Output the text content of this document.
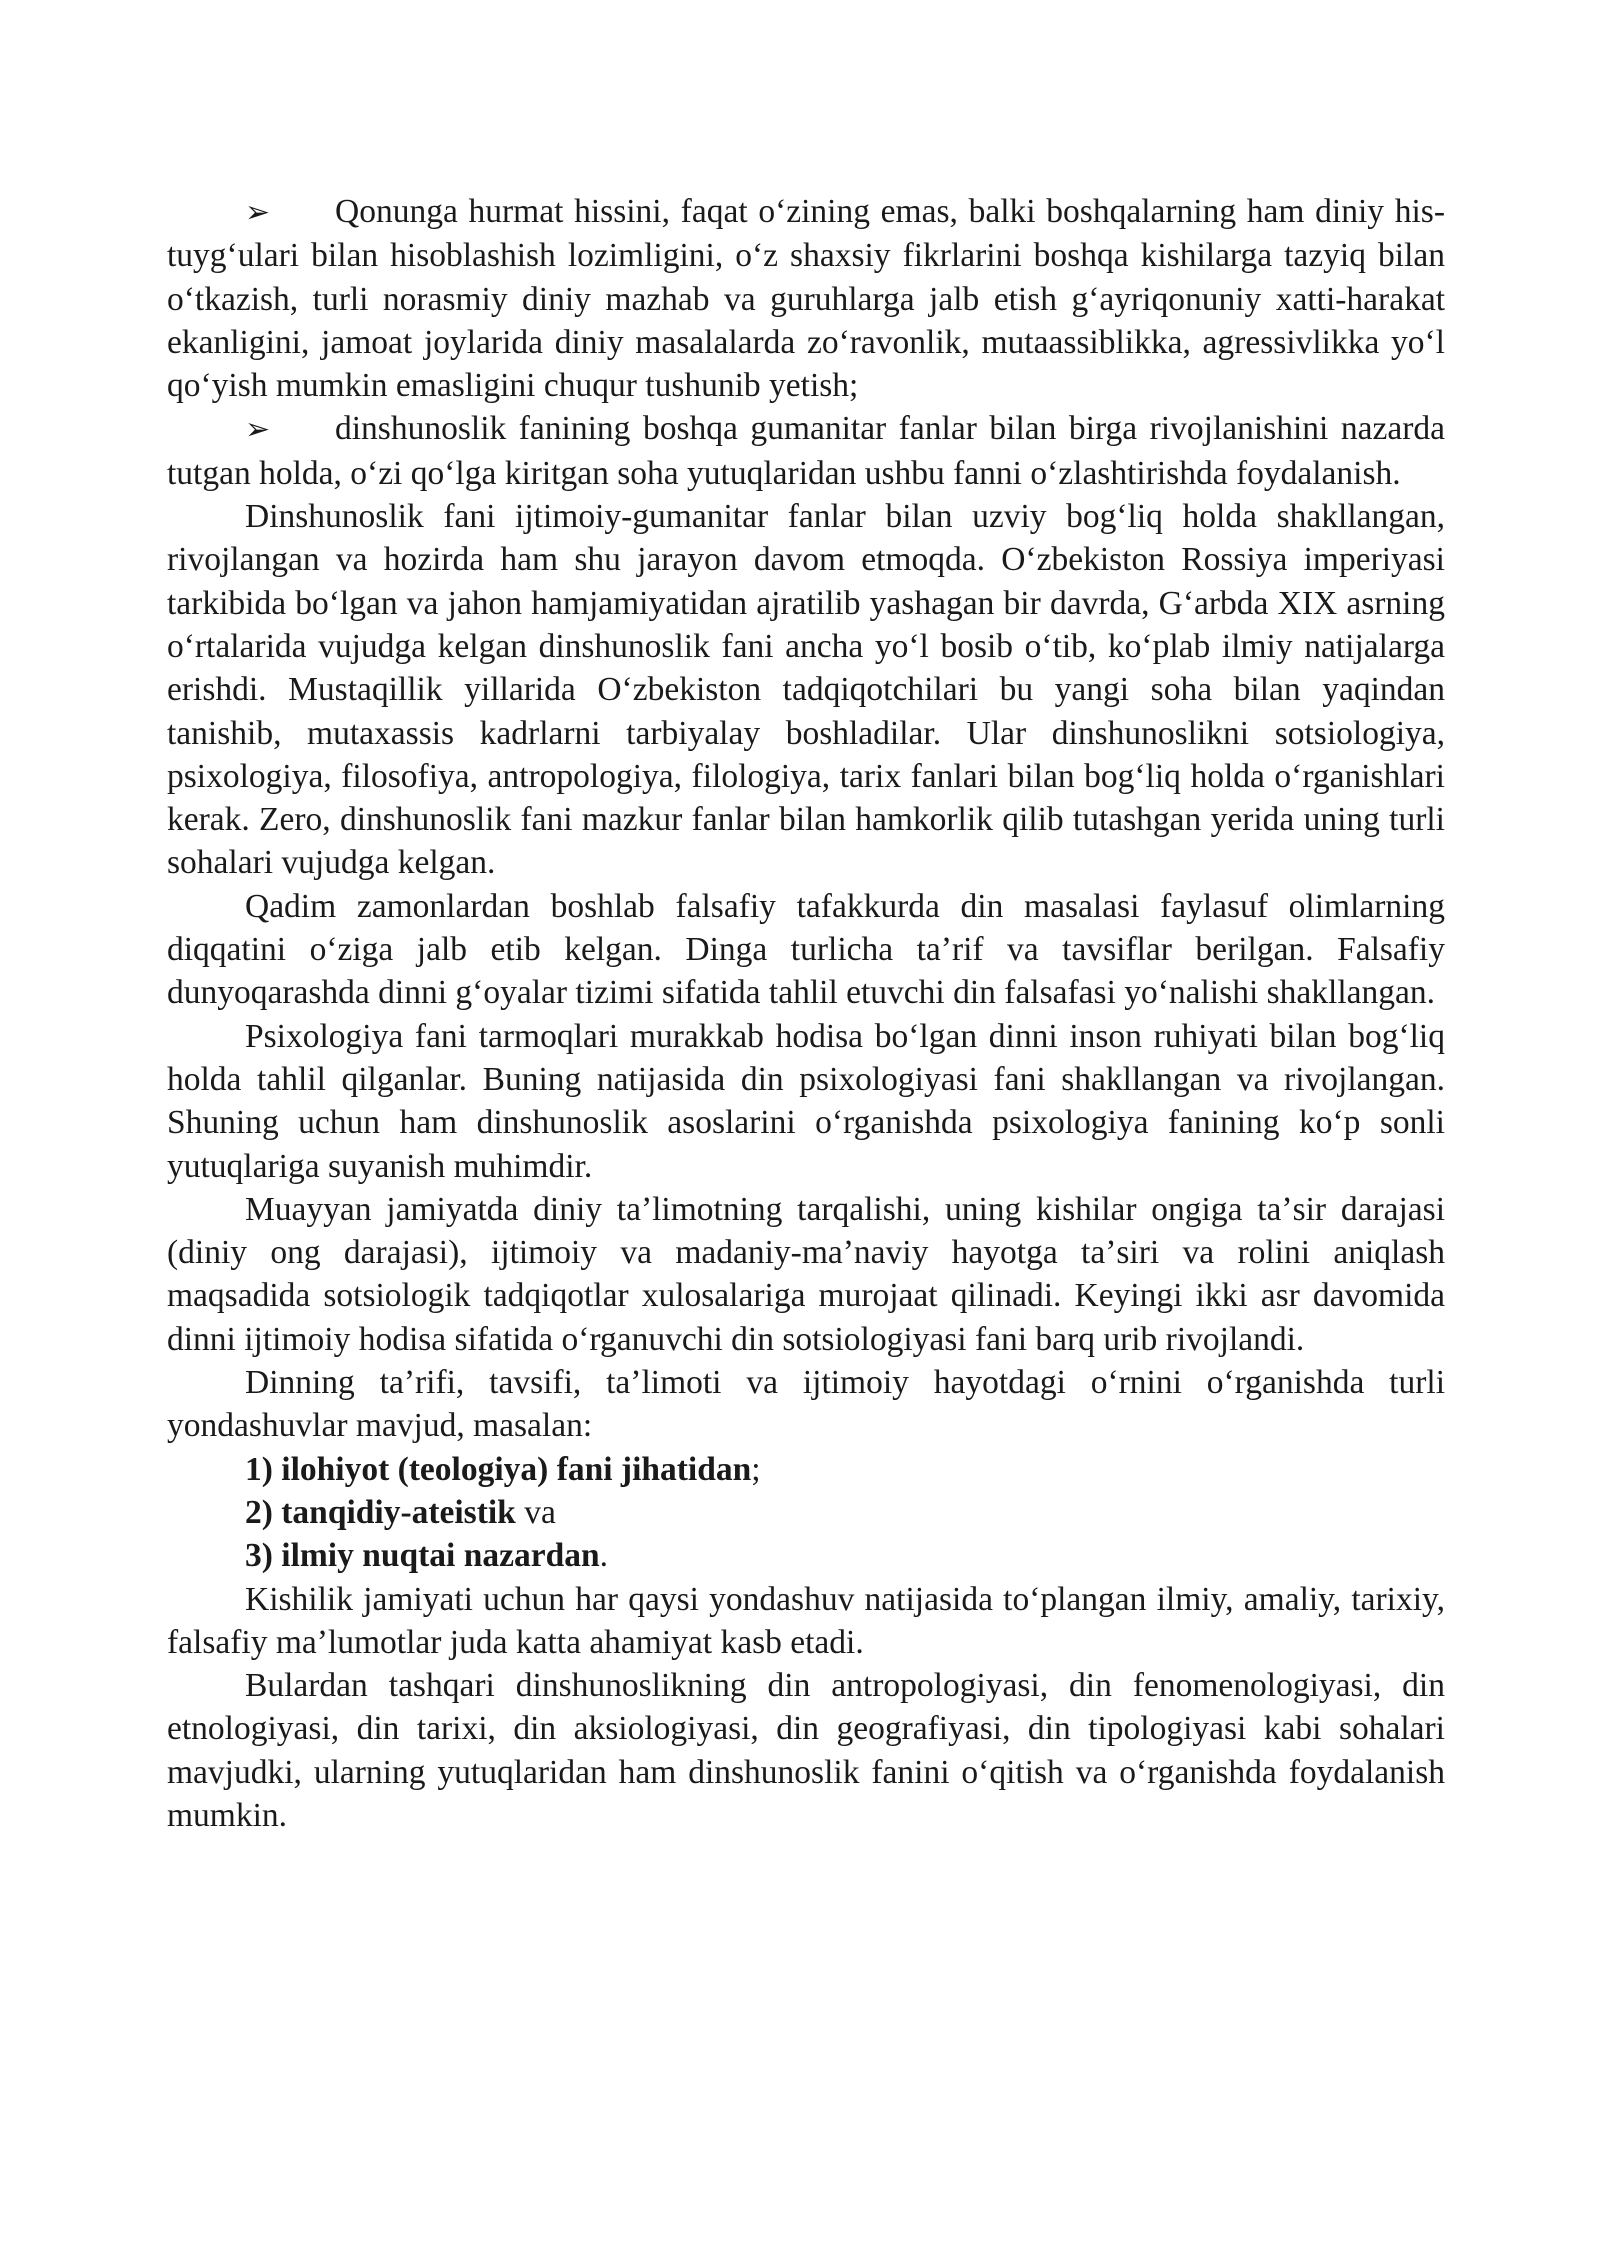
➢ Qonunga hurmat hissini, faqat oʻzining emas, balki boshqalarning ham diniy his-tuygʻulari bilan hisoblashish lozimligini, oʻz shaxsiy fikrlarini boshqa kishilarga tazyiq bilan oʻtkazish, turli norasmiy diniy mazhab va guruhlarga jalb etish gʻayriqonuniy xatti-harakat ekanligini, jamoat joylarida diniy masalalarda zoʻravonlik, mutaassiblikka, agressivlikka yoʻl qoʻyish mumkin emasligini chuqur tushunib yetish;

➢ dinshunoslik fanining boshqa gumanitar fanlar bilan birga rivojlanishini nazarda tutgan holda, oʻzi qoʻlga kiritgan soha yutuqlaridan ushbu fanni oʻzlashtirishda foydalanish.

Dinshunoslik fani ijtimoiy-gumanitar fanlar bilan uzviy bogʻliq holda shakllangan, rivojlangan va hozirda ham shu jarayon davom etmoqda. Oʻzbekiston Rossiya imperiyasi tarkibida boʻlgan va jahon hamjamiyatidan ajratilib yashagan bir davrda, Gʻarbda XIX asrning oʻrtalarida vujudga kelgan dinshunoslik fani ancha yoʻl bosib oʻtib, koʻplab ilmiy natijalarga erishdi. Mustaqillik yillarida Oʻzbekiston tadqiqotchilari bu yangi soha bilan yaqindan tanishib, mutaxassis kadrlarni tarbiyalay boshladilar. Ular dinshunoslikni sotsiologiya, psixologiya, filosofiya, antropologiya, filologiya, tarix fanlari bilan bogʻliq holda oʻrganishlari kerak. Zero, dinshunoslik fani mazkur fanlar bilan hamkorlik qilib tutashgan yerida uning turli sohalari vujudga kelgan.

Qadim zamonlardan boshlab falsafiy tafakkurda din masalasi faylasuf olimlarning diqqatini oʻziga jalb etib kelgan. Dinga turlicha taʼrif va tavsiflar berilgan. Falsafiy dunyoqarashda dinni gʻoyalar tizimi sifatida tahlil etuvchi din falsafasi yoʻnalishi shakllangan.

Psixologiya fani tarmoqlari murakkab hodisa boʻlgan dinni inson ruhiyati bilan bogʻliq holda tahlil qilganlar. Buning natijasida din psixologiyasi fani shakllangan va rivojlangan. Shuning uchun ham dinshunoslik asoslarini oʻrganishda psixologiya fanining koʻp sonli yutuqlariga suyanish muhimdir.

Muayyan jamiyatda diniy taʼlimotning tarqalishi, uning kishilar ongiga taʼsir darajasi (diniy ong darajasi), ijtimoiy va madaniy-maʼnaviy hayotga taʼsiri va rolini aniqlash maqsadida sotsiologik tadqiqotlar xulosalariga murojaat qilinadi. Keyingi ikki asr davomida dinni ijtimoiy hodisa sifatida oʻrganuvchi din sotsiologiyasi fani barq urib rivojlandi.

Dinning taʼrifi, tavsifi, taʼlimoti va ijtimoiy hayotdagi oʻrnini oʻrganishda turli yondashuvlar mavjud, masalan:

1) ilohiyot (teologiya) fani jihatidan;

2) tanqidiy-ateistik va

3) ilmiy nuqtai nazardan.

Kishilik jamiyati uchun har qaysi yondashuv natijasida toʻplangan ilmiy, amaliy, tarixiy, falsafiy maʼlumotlar juda katta ahamiyat kasb etadi.

Bulardan tashqari dinshunoslikning din antropologiyasi, din fenomenologiyasi, din etnologiyasi, din tarixi, din aksiologiyasi, din geografiyasi, din tipologiyasi kabi sohalari mavjudki, ularning yutuqlaridan ham dinshunoslik fanini oʻqitish va oʻrganishda foydalanish mumkin.
